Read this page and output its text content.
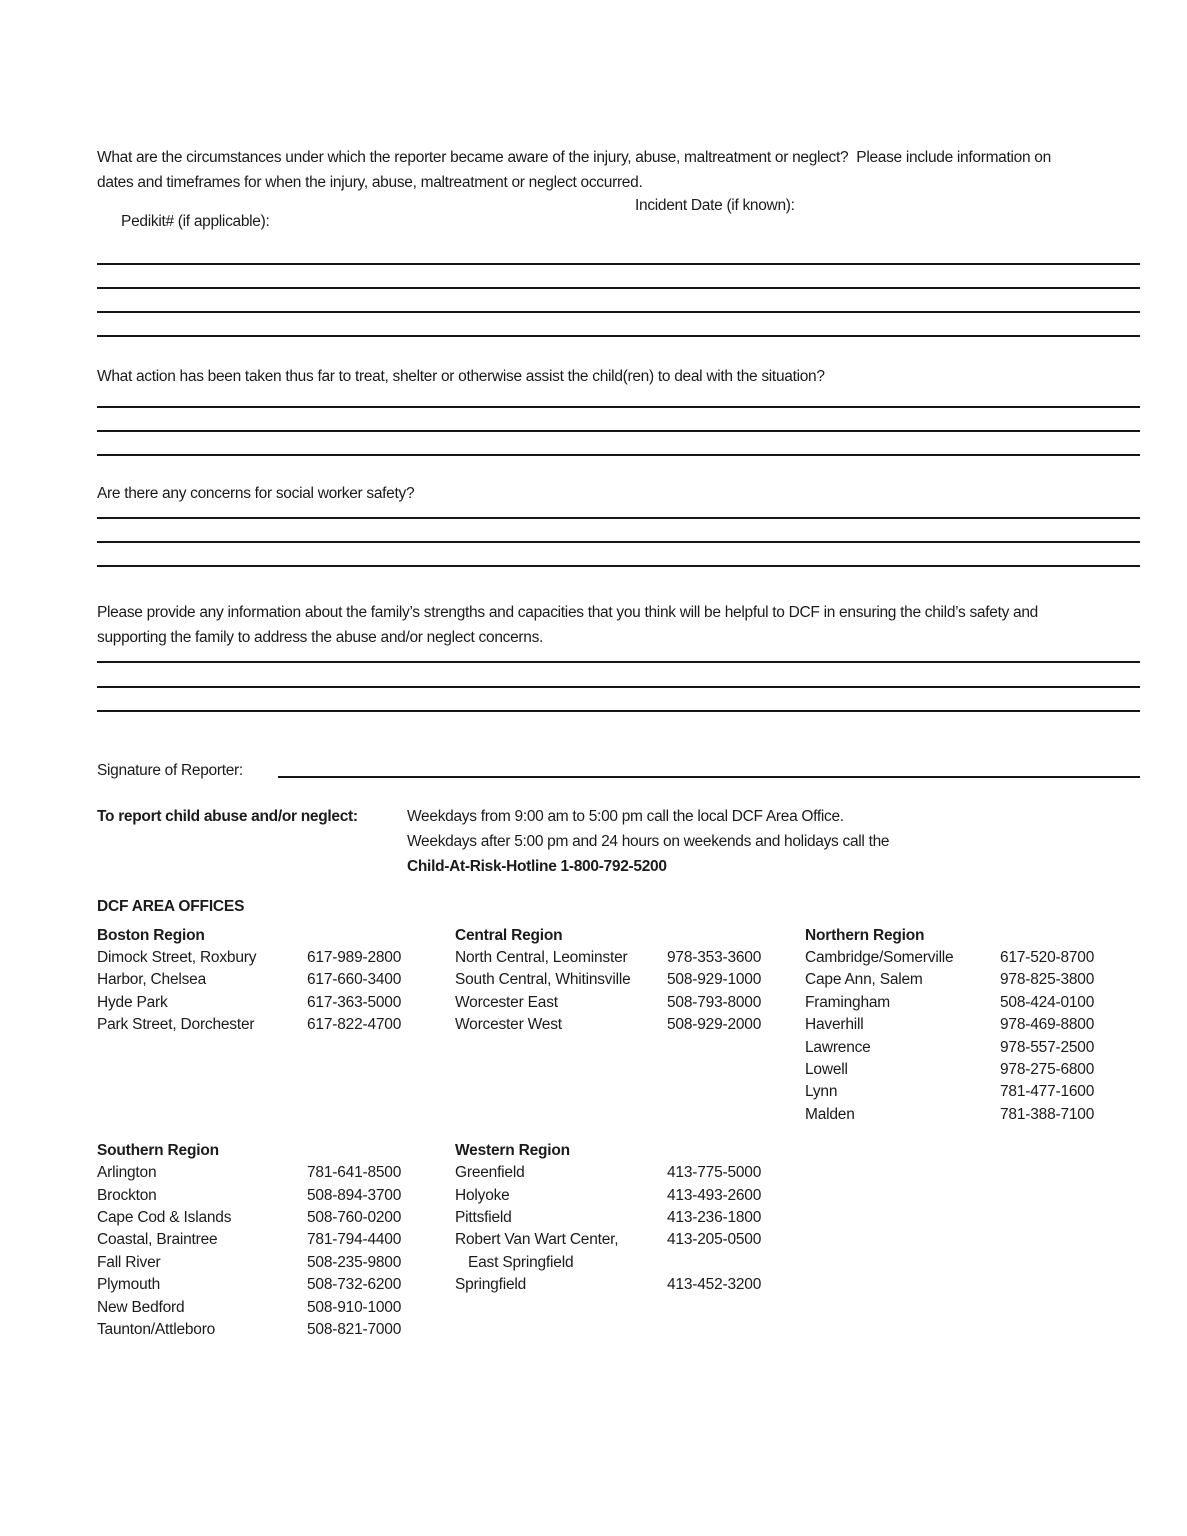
What are the circumstances under which the reporter became aware of the injury, abuse, maltreatment or neglect?  Please include information on
dates and timeframes for when the injury, abuse, maltreatment or neglect occurred.

Pedikit# (if applicable):

Incident Date (if known):

What action has been taken thus far to treat, shelter or otherwise assist the child(ren) to deal with the situation?
Are there any concerns for social worker safety?
Please provide any information about the family’s strengths and capacities that you think will be helpful to DCF in ensuring the child’s safety and
supporting the family to address the abuse and/or neglect concerns.
Signature of Reporter:
To report child abuse and/or neglect:	Weekdays from 9:00 am to 5:00 pm call the local DCF Area Office.
Weekdays after 5:00 pm and 24 hours on weekends and holidays call the
Child-At-Risk-Hotline 1-800-792-5200
DCF AREA OFFICES
Boston Region
Dimock Street, Roxbury	617-989-2800
Harbor, Chelsea	617-660-3400
Hyde Park	617-363-5000
Park Street, Dorchester	617-822-4700
Central Region
North Central, Leominster	978-353-3600
South Central, Whitinsville 508-929-1000
Worcester East	508-793-8000
Worcester West	508-929-2000
Northern Region
Cambridge/Somerville	617-520-8700
Cape Ann, Salem	978-825-3800
Framingham	508-424-0100
Haverhill	978-469-8800
Lawrence	978-557-2500
Lowell	978-275-6800
Lynn	781-477-1600
Malden	781-388-7100
Southern Region
Arlington	781-641-8500
Brockton	508-894-3700
Cape Cod & Islands	508-760-0200
Coastal, Braintree	781-794-4400
Fall River	508-235-9800
Plymouth	508-732-6200
New Bedford	508-910-1000
Taunton/Attleboro	508-821-7000
Western Region
Greenfield	413-775-5000
Holyoke	413-493-2600
Pittsfield	413-236-1800
Robert Van Wart Center,	413-205-0500
East Springfield
Springfield	413-452-3200
